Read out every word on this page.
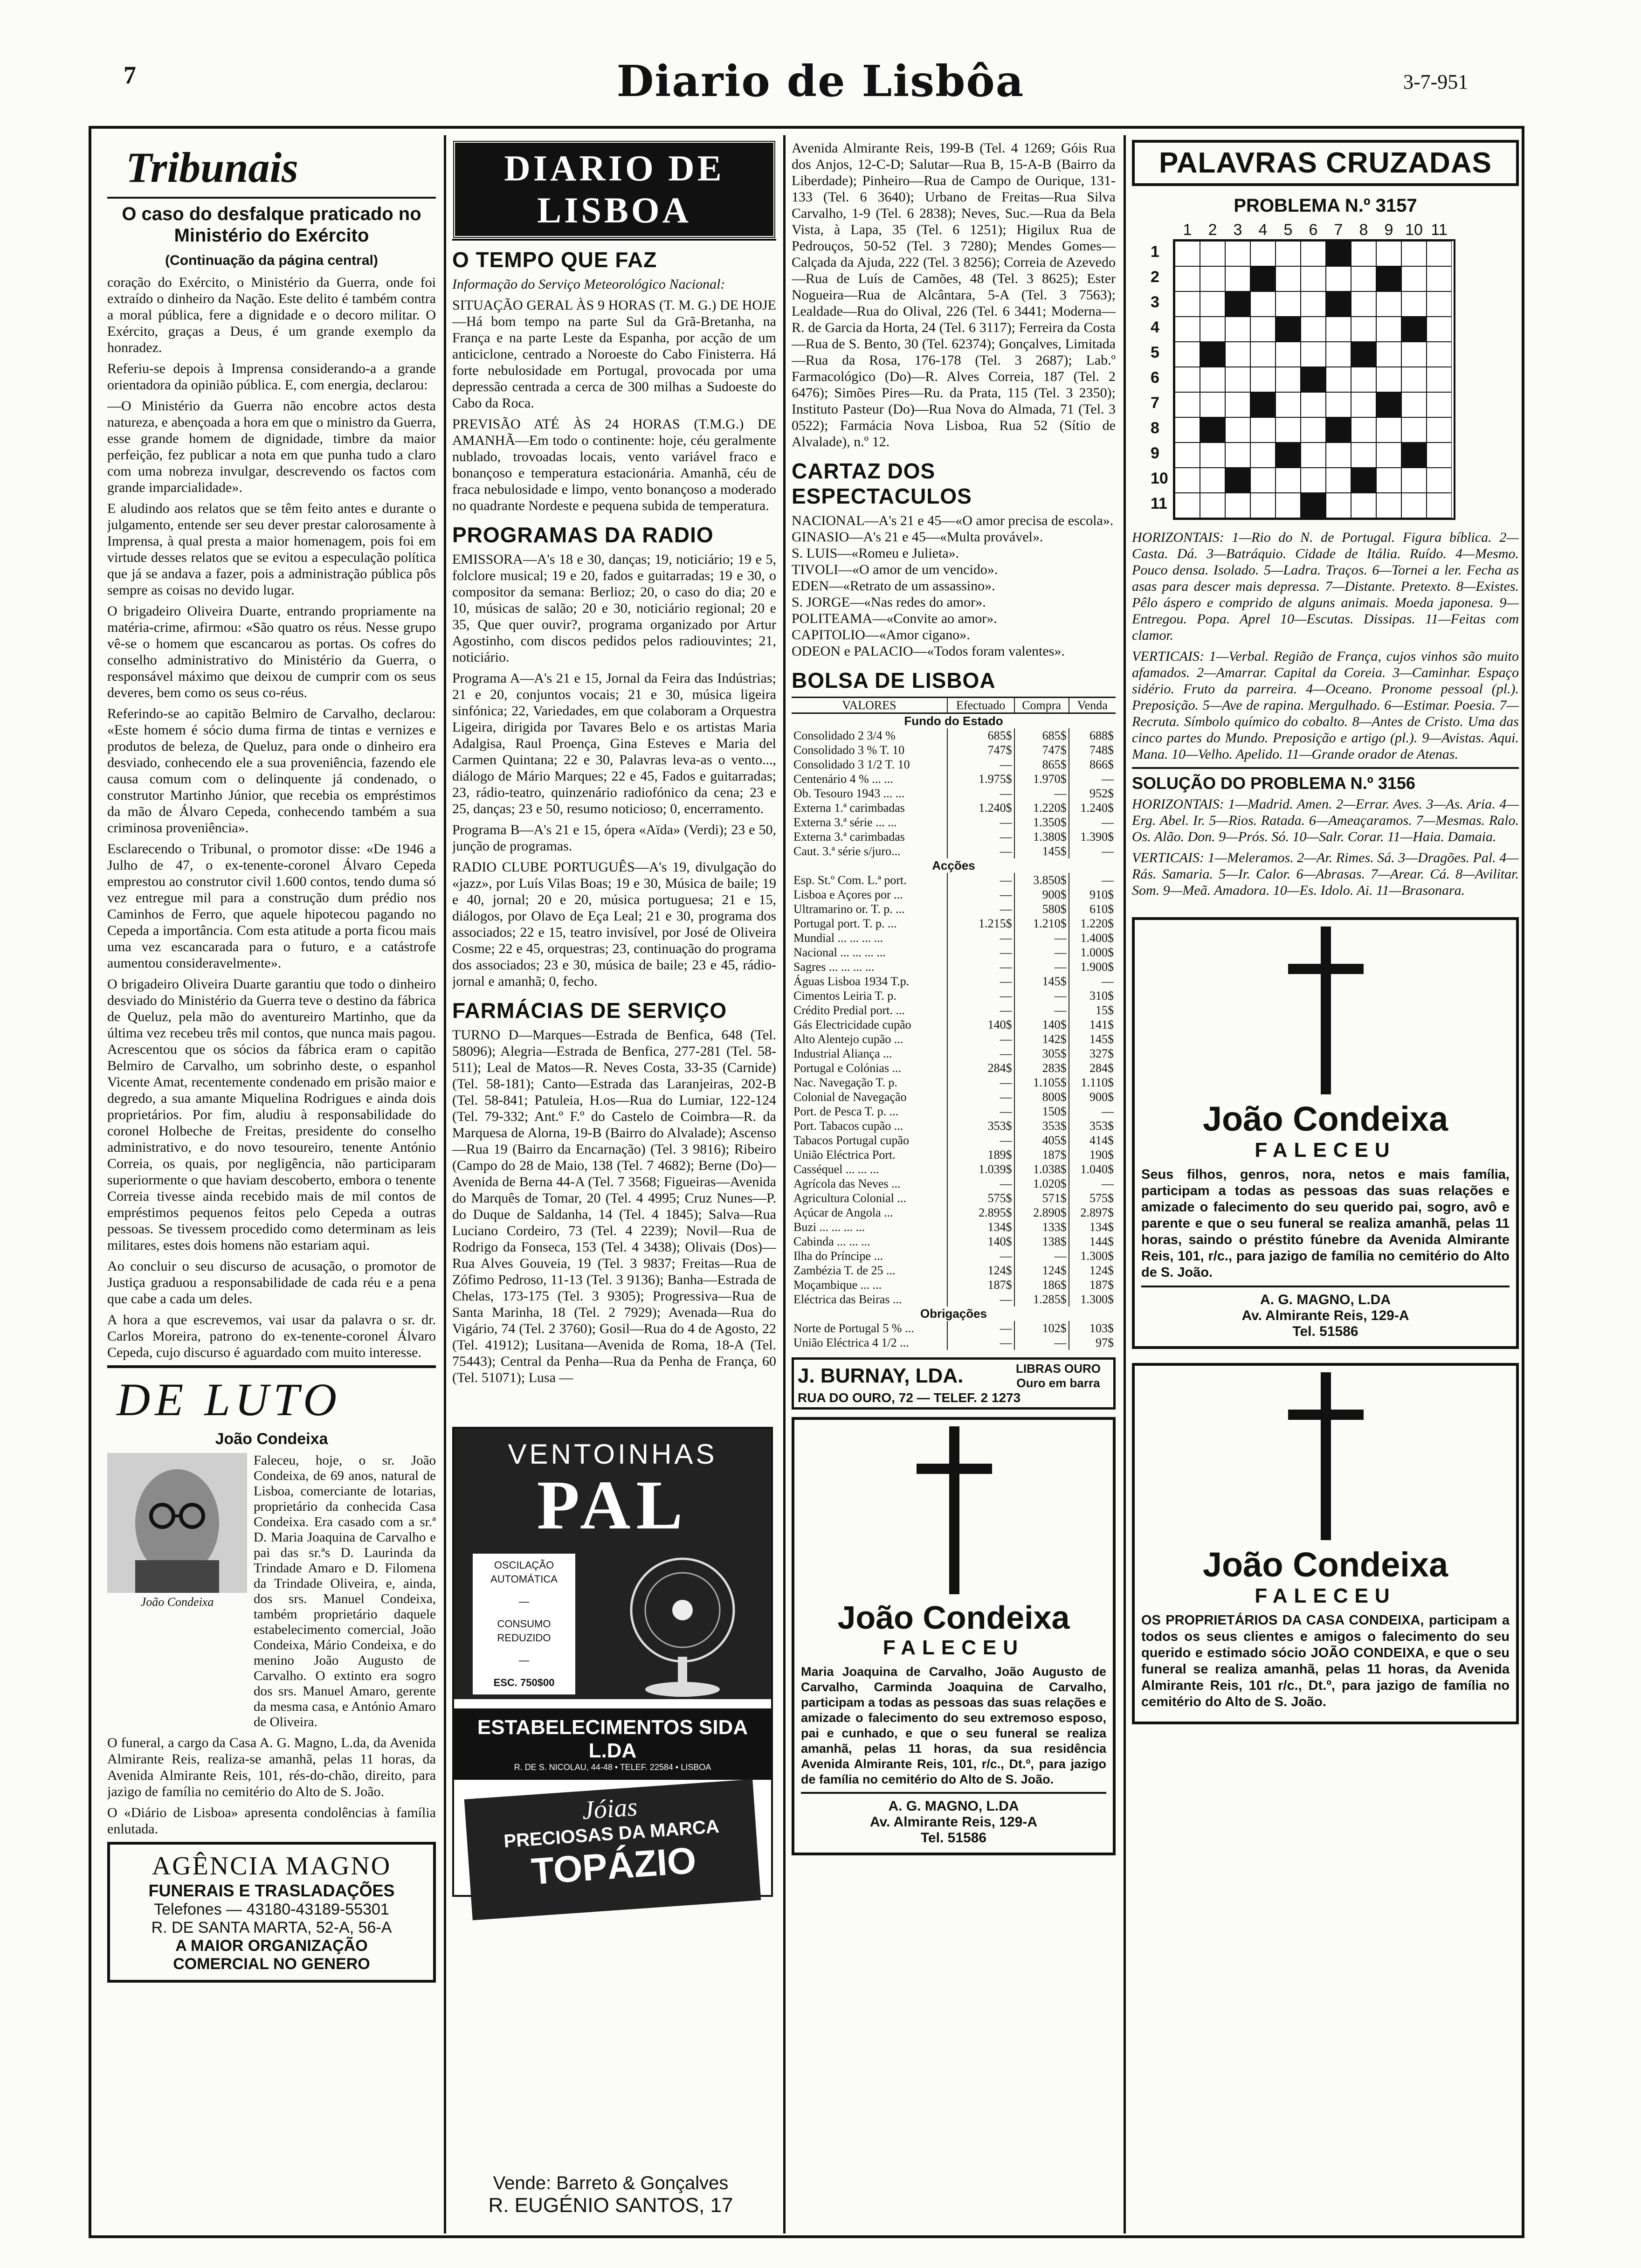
7	Diario de Lisbôa	3-7-951
Tribunais
O caso do desfalque praticado no Ministério do Exército
(Continuação da página central)

coração do Exército, o Ministério da Guerra, onde foi extraído o dinheiro da Nação. Este delito é também contra a moral pública, fere a dignidade e o decoro militar. O Exército, graças a Deus, é um grande exemplo da honradez.

Referiu-se depois à Imprensa considerando-a a grande orientadora da opinião pública. E, com energia, declarou:

—O Ministério da Guerra não encobre actos desta natureza, e abençoada a hora em que o ministro da Guerra, esse grande homem de dignidade, timbre da maior perfeição, fez publicar a nota em que punha tudo a claro com uma nobreza invulgar, descrevendo os factos com grande imparcialidade».

E aludindo aos relatos que se têm feito antes e durante o julgamento, entende ser seu dever prestar calorosamente à Imprensa, à qual presta a maior homenagem, pois foi em virtude desses relatos que se evitou a especulação política que já se andava a fazer, pois a administração pública pôs sempre as coisas no devido lugar.

O brigadeiro Oliveira Duarte, entrando propriamente na matéria-crime, afirmou: «São quatro os réus. Nesse grupo vê-se o homem que escancarou as portas. Os cofres do conselho administrativo do Ministério da Guerra, o responsável máximo que deixou de cumprir com os seus deveres, bem como os seus co-réus.

Referindo-se ao capitão Belmiro de Carvalho, declarou: «Este homem é sócio duma firma de tintas e vernizes e produtos de beleza, de Queluz, para onde o dinheiro era desviado, conhecendo ele a sua proveniência, fazendo ele causa comum com o delinquente já condenado, o construtor Martinho Júnior, que recebia os empréstimos da mão de Álvaro Cepeda, conhecendo também a sua criminosa proveniência».

Esclarecendo o Tribunal, o promotor disse: «De 1946 a Julho de 47, o ex-tenente-coronel Álvaro Cepeda emprestou ao construtor civil 1.600 contos, tendo duma só vez entregue mil para a construção dum prédio nos Caminhos de Ferro, que aquele hipotecou pagando no Cepeda a importância. Com esta atitude a porta ficou mais uma vez escancarada para o futuro, e a catástrofe aumentou consideravelmente».

O brigadeiro Oliveira Duarte garantiu que todo o dinheiro desviado do Ministério da Guerra teve o destino da fábrica de Queluz, pela mão do aventureiro Martinho, que da última vez recebeu três mil contos, que nunca mais pagou. Acrescentou que os sócios da fábrica eram o capitão Belmiro de Carvalho, um sobrinho deste, o espanhol Vicente Amat, recentemente condenado em prisão maior e degredo, a sua amante Miquelina Rodrigues e ainda dois proprietários. Por fim, aludiu à responsabilidade do coronel Holbeche de Freitas, presidente do conselho administrativo, e do novo tesoureiro, tenente António Correia, os quais, por negligência, não participaram superiormente o que haviam descoberto, embora o tenente Correia tivesse ainda recebido mais de mil contos de empréstimos pequenos feitos pelo Cepeda a outras pessoas. Se tivessem procedido como determinam as leis militares, estes dois homens não estariam aqui.

Ao concluir o seu discurso de acusação, o promotor de Justiça graduou a responsabilidade de cada réu e a pena que cabe a cada um deles.

A hora a que escrevemos, vai usar da palavra o sr. dr. Carlos Moreira, patrono do ex-tenente-coronel Álvaro Cepeda, cujo discurso é aguardado com muito interesse.

DE LUTO
João Condeixa
João Condeixa

Faleceu, hoje, o sr. João Condeixa, de 69 anos, natural de Lisboa, comerciante de lotarias, proprietário da conhecida Casa Condeixa. Era casado com a sr.ª D. Maria Joaquina de Carvalho e pai das sr.ªs D. Laurinda da Trindade Amaro e D. Filomena da Trindade Oliveira, e, ainda, dos srs. Manuel Condeixa, também proprietário daquele estabelecimento comercial, João Condeixa, Mário Condeixa, e do menino João Augusto de Carvalho. O extinto era sogro dos srs. Manuel Amaro, gerente da mesma casa, e António Amaro de Oliveira.

O funeral, a cargo da Casa A. G. Magno, L.da, da Avenida Almirante Reis, realiza-se amanhã, pelas 11 horas, da Avenida Almirante Reis, 101, rés-do-chão, direito, para jazigo de família no cemitério do Alto de S. João.

O «Diário de Lisboa» apresenta condolências à família enlutada.

AGÊNCIA MAGNO
FUNERAIS E TRASLADAÇÕES
Telefones — 43180-43189-55301
R. DE SANTA MARTA, 52-A, 56-A
A MAIOR ORGANIZAÇÃO
COMERCIAL NO GENERO
DIARIO DE LISBOA
O TEMPO QUE FAZ

Informação do Serviço Meteorológico Nacional:

SITUAÇÃO GERAL ÀS 9 HORAS (T. M. G.) DE HOJE—Há bom tempo na parte Sul da Grã-Bretanha, na França e na parte Leste da Espanha, por acção de um anticiclone, centrado a Noroeste do Cabo Finisterra. Há forte nebulosidade em Portugal, provocada por uma depressão centrada a cerca de 300 milhas a Sudoeste do Cabo da Roca.

PREVISÃO ATÉ ÀS 24 HORAS (T.M.G.) DE AMANHÃ—Em todo o continente: hoje, céu geralmente nublado, trovoadas locais, vento variável fraco e bonançoso e temperatura estacionária. Amanhã, céu de fraca nebulosidade e limpo, vento bonançoso a moderado no quadrante Nordeste e pequena subida de temperatura.

PROGRAMAS DA RADIO

EMISSORA—A's 18 e 30, danças; 19, noticiário; 19 e 5, folclore musical; 19 e 20, fados e guitarradas; 19 e 30, o compositor da semana: Berlioz; 20, o caso do dia; 20 e 10, músicas de salão; 20 e 30, noticiário regional; 20 e 35, Que quer ouvir?, programa organizado por Artur Agostinho, com discos pedidos pelos radiouvintes; 21, noticiário.

Programa A—A's 21 e 15, Jornal da Feira das Indústrias; 21 e 20, conjuntos vocais; 21 e 30, música ligeira sinfónica; 22, Variedades, em que colaboram a Orquestra Ligeira, dirigida por Tavares Belo e os artistas Maria Adalgisa, Raul Proença, Gina Esteves e Maria del Carmen Quintana; 22 e 30, Palavras leva-as o vento..., diálogo de Mário Marques; 22 e 45, Fados e guitarradas; 23, rádio-teatro, quinzenário radiofónico da cena; 23 e 25, danças; 23 e 50, resumo noticioso; 0, encerramento.

Programa B—A's 21 e 15, ópera «Aïda» (Verdi); 23 e 50, junção de programas.

RADIO CLUBE PORTUGUÊS—A's 19, divulgação do «jazz», por Luís Vilas Boas; 19 e 30, Música de baile; 19 e 40, jornal; 20 e 20, música portuguesa; 21 e 15, diálogos, por Olavo de Eça Leal; 21 e 30, programa dos associados; 22 e 15, teatro invisível, por José de Oliveira Cosme; 22 e 45, orquestras; 23, continuação do programa dos associados; 23 e 30, música de baile; 23 e 45, rádio-jornal e amanhã; 0, fecho.

FARMÁCIAS DE SERVIÇO

TURNO D—Marques—Estrada de Benfica, 648 (Tel. 58096); Alegria—Estrada de Benfica, 277-281 (Tel. 58-511); Leal de Matos—R. Neves Costa, 33-35 (Carnide) (Tel. 58-181); Canto—Estrada das Laranjeiras, 202-B (Tel. 58-841; Patuleia, H.os—Rua do Lumiar, 122-124 (Tel. 79-332; Ant.º F.º do Castelo de Coimbra—R. da Marquesa de Alorna, 19-B (Bairro do Alvalade); Ascenso—Rua 19 (Bairro da Encarnação) (Tel. 3 9816); Ribeiro (Campo do 28 de Maio, 138 (Tel. 7 4682); Berne (Do)—Avenida de Berna 44-A (Tel. 7 3568; Figueiras—Avenida do Marquês de Tomar, 20 (Tel. 4 4995; Cruz Nunes—P. do Duque de Saldanha, 14 (Tel. 4 1845); Salva—Rua Luciano Cordeiro, 73 (Tel. 4 2239); Novil—Rua de Rodrigo da Fonseca, 153 (Tel. 4 3438); Olivais (Dos)—Rua Alves Gouveia, 19 (Tel. 3 9837; Freitas—Rua de Zófimo Pedroso, 11-13 (Tel. 3 9136); Banha—Estrada de Chelas, 173-175 (Tel. 3 9305); Progressiva—Rua de Santa Marinha, 18 (Tel. 2 7929); Avenada—Rua do Vigário, 74 (Tel. 2 3760); Gosil—Rua do 4 de Agosto, 22 (Tel. 41912); Lusitana—Avenida de Roma, 18-A (Tel. 75443); Central da Penha—Rua da Penha de França, 60 (Tel. 51071); Lusa —

VENTOINHAS
PAL
OSCILAÇÃO
AUTOMÁTICA
—
CONSUMO
REDUZIDO
—
ESC. 750$00
ESTABELECIMENTOS SIDA L.DA
R. DE S. NICOLAU, 44-48 • TELEF. 22584 • LISBOA
Jóias
PRECIOSAS DA MARCA
TOPÁZIO
Vende: Barreto & Gonçalves
R. EUGÉNIO SANTOS, 17

Avenida Almirante Reis, 199-B (Tel. 4 1269; Góis Rua dos Anjos, 12-C-D; Salutar—Rua B, 15-A-B (Bairro da Liberdade); Pinheiro—Rua de Campo de Ourique, 131-133 (Tel. 6 3640); Urbano de Freitas—Rua Silva Carvalho, 1-9 (Tel. 6 2838); Neves, Suc.—Rua da Bela Vista, à Lapa, 35 (Tel. 6 1251); Higilux Rua de Pedrouços, 50-52 (Tel. 3 7280); Mendes Gomes—Calçada da Ajuda, 222 (Tel. 3 8256); Correia de Azevedo—Rua de Luís de Camões, 48 (Tel. 3 8625); Ester Nogueira—Rua de Alcântara, 5-A (Tel. 3 7563); Lealdade—Rua do Olival, 226 (Tel. 6 3441; Moderna—R. de Garcia da Horta, 24 (Tel. 6 3117); Ferreira da Costa—Rua de S. Bento, 30 (Tel. 62374); Gonçalves, Limitada—Rua da Rosa, 176-178 (Tel. 3 2687); Lab.º Farmacológico (Do)—R. Alves Correia, 187 (Tel. 2 6476); Simões Pires—Ru. da Prata, 115 (Tel. 3 2350); Instituto Pasteur (Do)—Rua Nova do Almada, 71 (Tel. 3 0522); Farmácia Nova Lisboa, Rua 52 (Sítio de Alvalade), n.º 12.

CARTAZ DOS ESPECTACULOS

NACIONAL—A's 21 e 45—«O amor precisa de escola».

GINASIO—A's 21 e 45—«Multa provável».

S. LUIS—«Romeu e Julieta».

TIVOLI—«O amor de um vencido».

EDEN—«Retrato de um assassino».

S. JORGE—«Nas redes do amor».

POLITEAMA—«Convite ao amor».

CAPITOLIO—«Amor cigano».

ODEON e PALACIO—«Todos foram valentes».

BOLSA DE LISBOA
VALORES	Efectuado	Compra	Venda
Fundo do Estado			
Consolidado 2 3/4 %	685$	685$	688$
Consolidado 3 % T. 10	747$	747$	748$
Consolidado 3 1/2 T. 10	—	865$	866$
Centenário 4 % ... ...	1.975$	1.970$	—
Ob. Tesouro 1943 ... ...	—	—	952$
Externa 1.ª carimbadas	1.240$	1.220$	1.240$
Externa 3.ª série ... ...	—	1.350$	—
Externa 3.ª carimbadas	—	1.380$	1.390$
Caut. 3.ª série s/juro...	—	145$	—
Acções			
Esp. St.º Com. L.ª port.	—	3.850$	—
Lisboa e Açores por ...	—	900$	910$
Ultramarino or. T. p. ...	—	580$	610$
Portugal port. T. p. ...	1.215$	1.210$	1.220$
Mundial ... ... ... ...	—	—	1.400$
Nacional ... ... ... ...	—	—	1.000$
Sagres ... ... ... ...	—	—	1.900$
Águas Lisboa 1934 T.p.	—	145$	—
Cimentos Leiria T. p.	—	—	310$
Crédito Predial port. ...	—	—	15$
Gás Electricidade cupão	140$	140$	141$
Alto Alentejo cupão ...	—	142$	145$
Industrial Aliança ...	—	305$	327$
Portugal e Colónias ...	284$	283$	284$
Nac. Navegação T. p.	—	1.105$	1.110$
Colonial de Navegação	—	800$	900$
Port. de Pesca T. p. ...	—	150$	—
Port. Tabacos cupão ...	353$	353$	353$
Tabacos Portugal cupão	—	405$	414$
União Eléctrica Port.	189$	187$	190$
Casséquel ... ... ...	1.039$	1.038$	1.040$
Agrícola das Neves ...	—	1.020$	—
Agricultura Colonial ...	575$	571$	575$
Açúcar de Angola ...	2.895$	2.890$	2.897$
Buzi ... ... ... ...	134$	133$	134$
Cabinda ... ... ...	140$	138$	144$
Ilha do Príncipe ...	—	—	1.300$
Zambézia T. de 25 ...	124$	124$	124$
Moçambique ... ...	187$	186$	187$
Eléctrica das Beiras ...	—	1.285$	1.300$
Obrigações			
Norte de Portugal 5 % ...	—	102$	103$
União Eléctrica 4 1/2 ...	—	—	97$
J. BURNAY, LDA.	LIBRAS OURO Ouro em barra
RUA DO OURO, 72 — TELEF. 2 1273
João Condeixa
FALECEU

Maria Joaquina de Carvalho, João Augusto de Carvalho, Carminda Joaquina de Carvalho, participam a todas as pessoas das suas relações e amizade o falecimento do seu extremoso esposo, pai e cunhado, e que o seu funeral se realiza amanhã, pelas 11 horas, da sua residência Avenida Almirante Reis, 101, r/c., Dt.º, para jazigo de família no cemitério do Alto de S. João.

A. G. MAGNO, L.DA
Av. Almirante Reis, 129-A
Tel. 51586
PALAVRAS CRUZADAS
PROBLEMA N.º 3157
1	2	3	4	5	6	7	8	9 10 11
1
2
3
4
5
6
7
8
9
10
11

HORIZONTAIS: 1—Rio do N. de Portugal. Figura bíblica. 2—Casta. Dá. 3—Batráquio. Cidade de Itália. Ruído. 4—Mesmo. Pouco densa. Isolado. 5—Ladra. Traços. 6—Tornei a ler. Fecha as asas para descer mais depressa. 7—Distante. Pretexto. 8—Existes. Pêlo áspero e comprido de alguns animais. Moeda japonesa. 9—Entregou. Popa. Aprel 10—Escutas. Dissipas. 11—Feitas com clamor.

VERTICAIS: 1—Verbal. Região de França, cujos vinhos são muito afamados. 2—Amarrar. Capital da Coreia. 3—Caminhar. Espaço sidério. Fruto da parreira. 4—Oceano. Pronome pessoal (pl.). Preposição. 5—Ave de rapina. Mergulhado. 6—Estimar. Poesia. 7—Recruta. Símbolo químico do cobalto. 8—Antes de Cristo. Uma das cinco partes do Mundo. Preposição e artigo (pl.). 9—Avistas. Aqui. Mana. 10—Velho. Apelido. 11—Grande orador de Atenas.

SOLUÇÃO DO PROBLEMA N.º 3156

HORIZONTAIS: 1—Madrid. Amen. 2—Errar. Aves. 3—As. Aria. 4—Erg. Abel. Ir. 5—Rios. Ratada. 6—Ameaçaramos. 7—Mesmas. Ralo. Os. Alão. Don. 9—Prós. Só. 10—Salr. Corar. 11—Haia. Damaia.

VERTICAIS: 1—Meleramos. 2—Ar. Rimes. Sá. 3—Dragões. Pal. 4—Rás. Samaria. 5—Ir. Calor. 6—Abrasas. 7—Arear. Cá. 8—Avilitar. Som. 9—Meã. Amadora. 10—Es. Idolo. Ai. 11—Brasonara.

João Condeixa
FALECEU

Seus filhos, genros, nora, netos e mais família, participam a todas as pessoas das suas relações e amizade o falecimento do seu querido pai, sogro, avô e parente e que o seu funeral se realiza amanhã, pelas 11 horas, saindo o préstito fúnebre da Avenida Almirante Reis, 101, r/c., para jazigo de família no cemitério do Alto de S. João.

A. G. MAGNO, L.DA
Av. Almirante Reis, 129-A
Tel. 51586
João Condeixa
FALECEU

OS PROPRIETÁRIOS DA CASA CONDEIXA, participam a todos os seus clientes e amigos o falecimento do seu querido e estimado sócio JOÃO CONDEIXA, e que o seu funeral se realiza amanhã, pelas 11 horas, da Avenida Almirante Reis, 101 r/c., Dt.º, para jazigo de família no cemitério do Alto de S. João.
